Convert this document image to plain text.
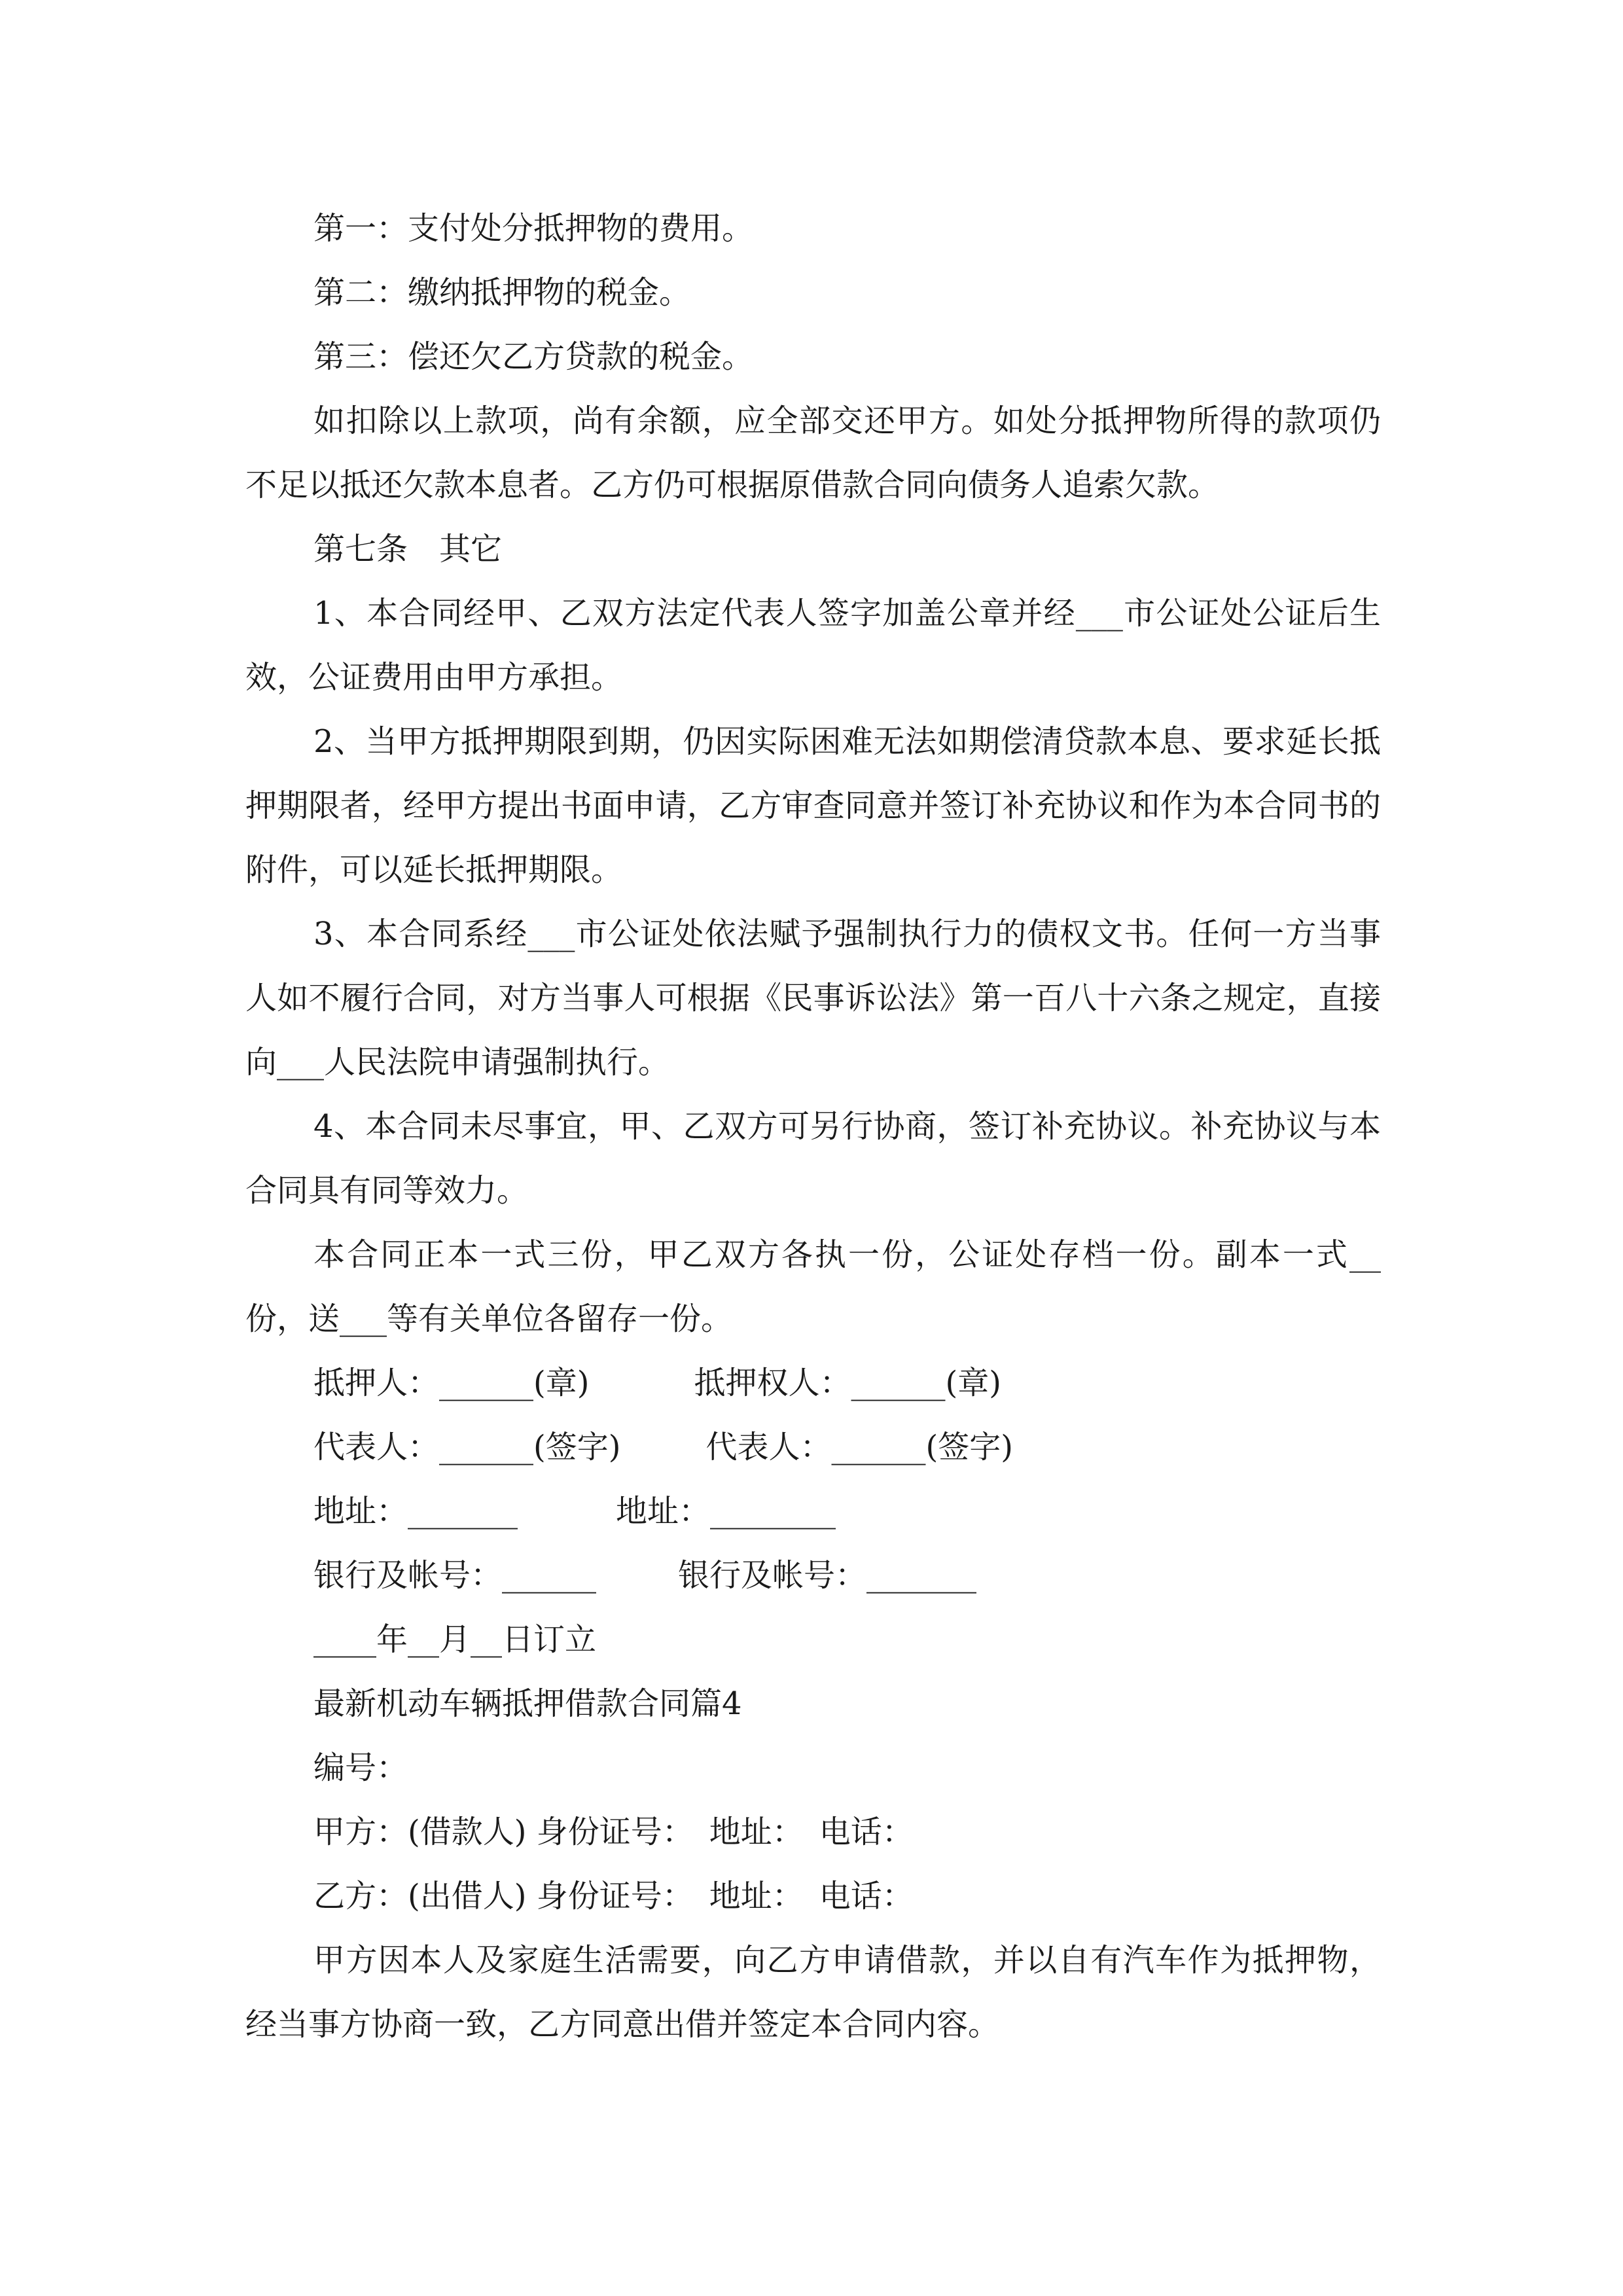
第一：支付处分抵押物的费用。

第二：缴纳抵押物的税金。

第三：偿还欠乙方贷款的税金。

如扣除以上款项，尚有余额，应全部交还甲方。如处分抵押物所得的款项仍不足以抵还欠款本息者。乙方仍可根据原借款合同向债务人追索欠款。

第七条　其它

1、本合同经甲、乙双方法定代表人签字加盖公章并经___市公证处公证后生效，公证费用由甲方承担。

2、当甲方抵押期限到期，仍因实际困难无法如期偿清贷款本息、要求延长抵押期限者，经甲方提出书面申请，乙方审查同意并签订补充协议和作为本合同书的附件，可以延长抵押期限。

3、本合同系经___市公证处依法赋予强制执行力的债权文书。任何一方当事人如不履行合同，对方当事人可根据《民事诉讼法》第一百八十六条之规定，直接向___人民法院申请强制执行。

4、本合同未尽事宜，甲、乙双方可另行协商，签订补充协议。补充协议与本合同具有同等效力。

本合同正本一式三份，甲乙双方各执一份，公证处存档一份。副本一式__份，送___等有关单位各留存一份。

抵押人：______(章)	抵押权人：______(章)
代表人：______(签字)	代表人：______(签字)
地址：_______	地址：________
银行及帐号：______	银行及帐号：_______

____年__月__日订立

最新机动车辆抵押借款合同篇4

编号：

甲方：(借款人) 身份证号：　地址：　电话：

乙方：(出借人) 身份证号：　地址：　电话：

甲方因本人及家庭生活需要，向乙方申请借款，并以自有汽车作为抵押物，经当事方协商一致，乙方同意出借并签定本合同内容。
